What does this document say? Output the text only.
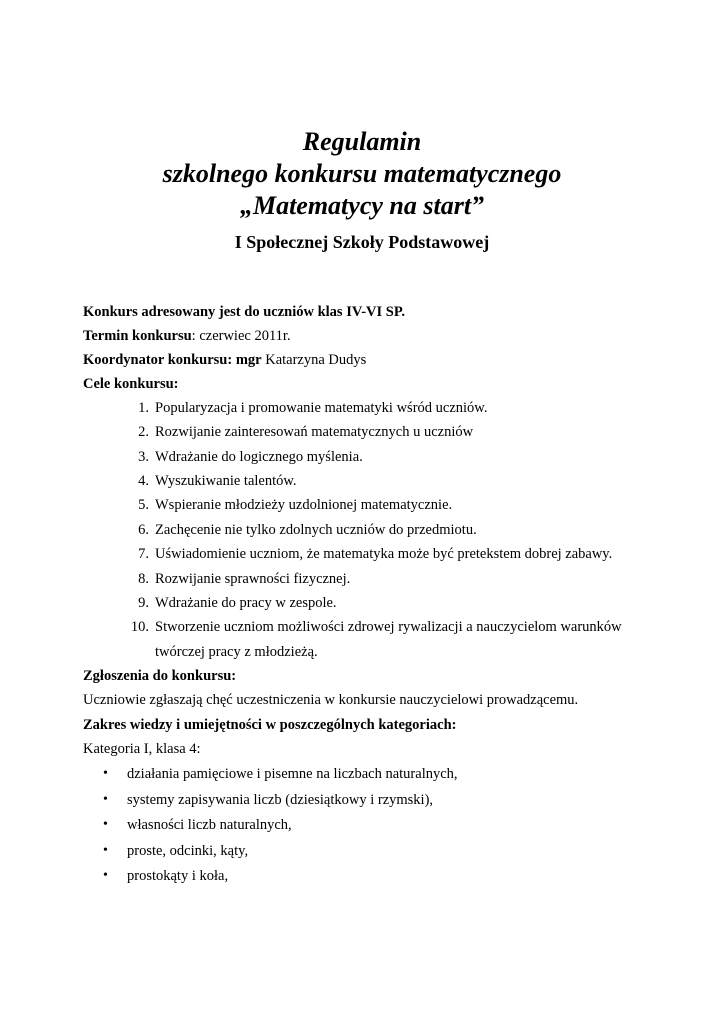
Regulamin
szkolnego konkursu matematycznego
„Matematycy na start”
I Społecznej Szkoły Podstawowej
Konkurs adresowany jest do uczniów klas IV-VI SP.
Termin konkursu: czerwiec 2011r.
Koordynator konkursu: mgr Katarzyna Dudys
Cele konkursu:
1. Popularyzacja i promowanie matematyki wśród uczniów.
2. Rozwijanie zainteresowań matematycznych u uczniów
3. Wdrażanie do logicznego myślenia.
4. Wyszukiwanie talentów.
5. Wspieranie młodzieży uzdolnionej matematycznie.
6. Zachęcenie nie tylko zdolnych uczniów do przedmiotu.
7. Uświadomienie uczniom, że matematyka może być pretekstem dobrej zabawy.
8. Rozwijanie sprawności fizycznej.
9. Wdrażanie do pracy w zespole.
10. Stworzenie uczniom możliwości zdrowej rywalizacji a nauczycielom warunków
twórczej pracy z młodzieżą.
Zgłoszenia do konkursu:
Uczniowie zgłaszają chęć uczestniczenia w konkursie nauczycielowi prowadzącemu.
Zakres wiedzy i umiejętności w poszczególnych kategoriach:
Kategoria I, klasa 4:
• działania pamięciowe i pisemne na liczbach naturalnych,
• systemy zapisywania liczb (dziesiątkowy i rzymski),
• własności liczb naturalnych,
• proste, odcinki, kąty,
• prostokąty i koła,
